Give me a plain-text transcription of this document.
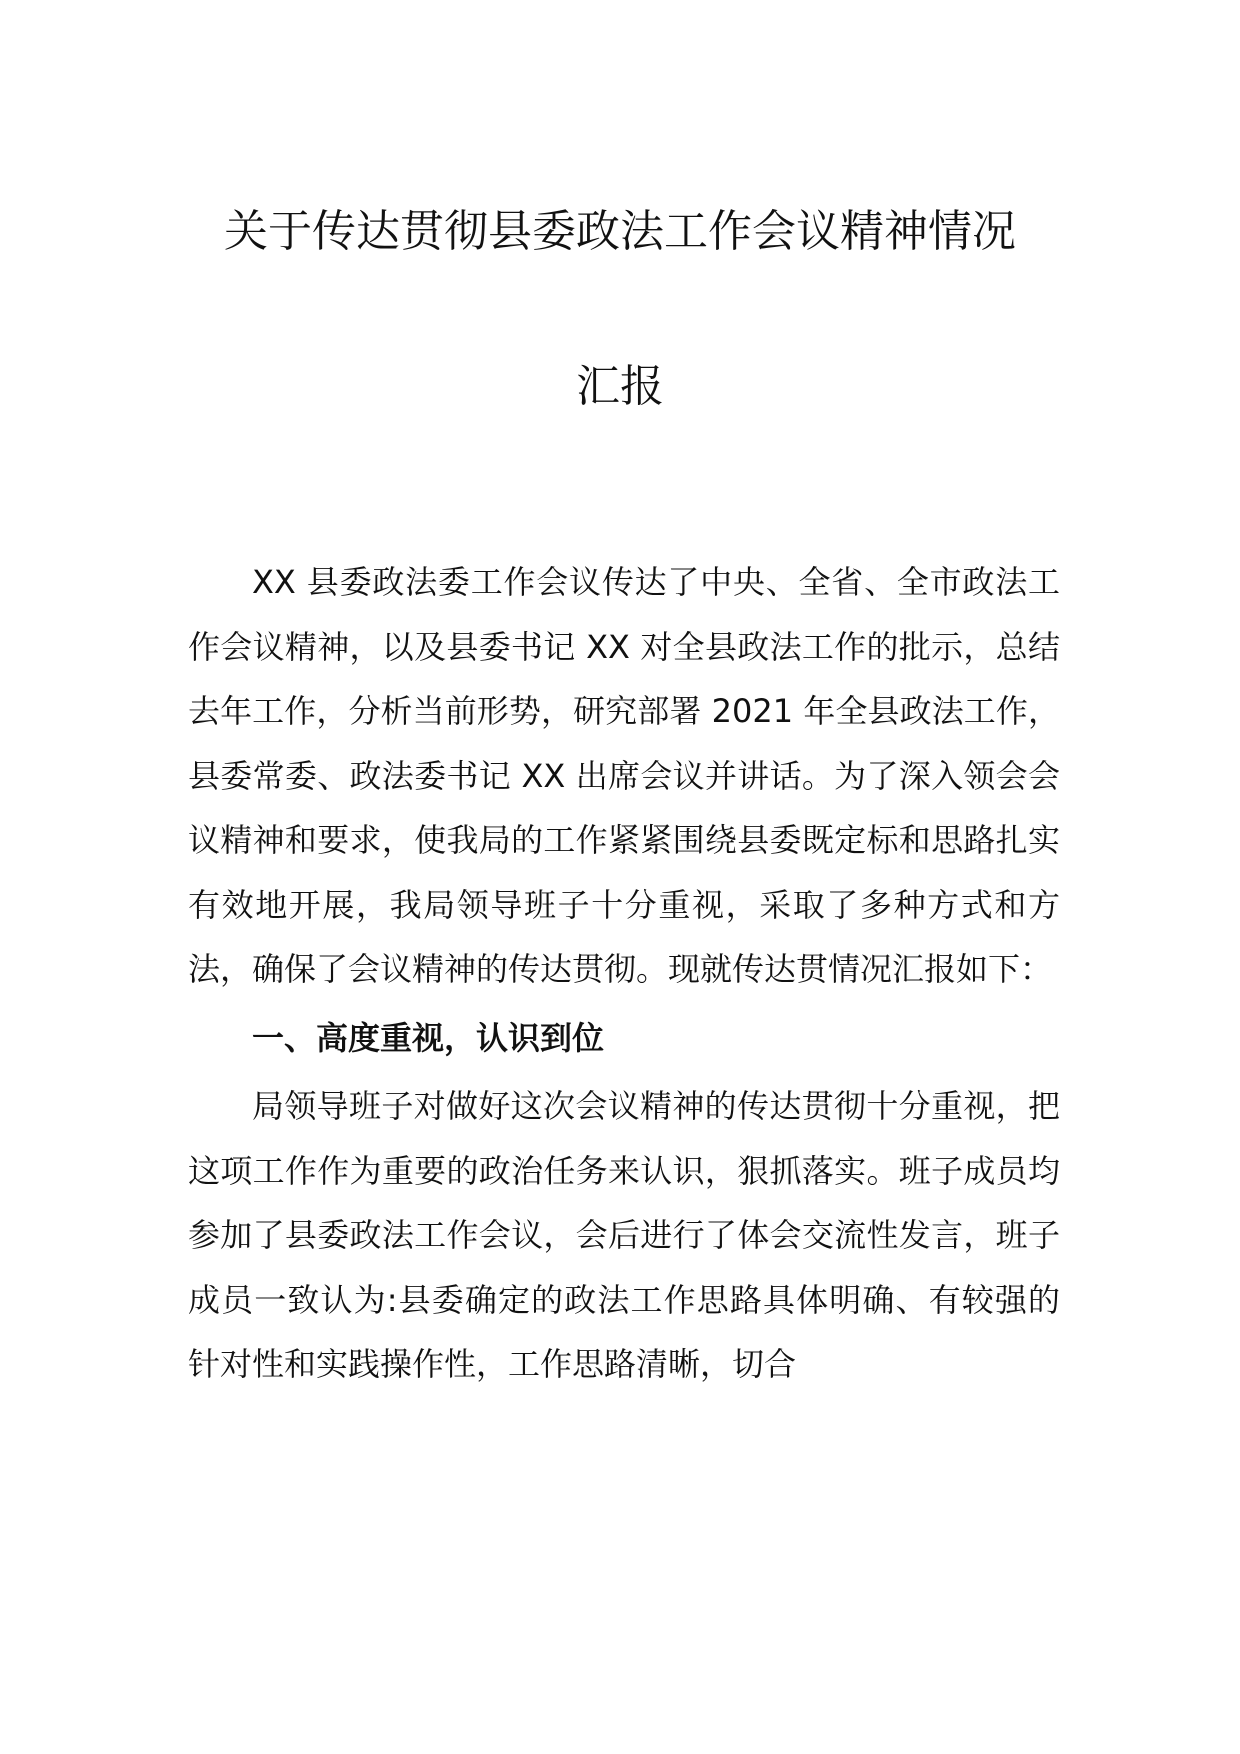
关于传达贯彻县委政法工作会议精神情况
汇报

XX 县委政法委工作会议传达了中央、全省、全市政法工作会议精神，以及县委书记 XX 对全县政法工作的批示，总结去年工作，分析当前形势，研究部署 2021 年全县政法工作，县委常委、政法委书记 XX 出席会议并讲话。为了深入领会会议精神和要求，使我局的工作紧紧围绕县委既定标和思路扎实有效地开展，我局领导班子十分重视，采取了多种方式和方法，确保了会议精神的传达贯彻。现就传达贯情况汇报如下：

一、高度重视，认识到位

局领导班子对做好这次会议精神的传达贯彻十分重视，把这项工作作为重要的政治任务来认识，狠抓落实。班子成员均参加了县委政法工作会议，会后进行了体会交流性发言，班子成员一致认为:县委确定的政法工作思路具体明确、有较强的针对性和实践操作性，工作思路清晰，切合
